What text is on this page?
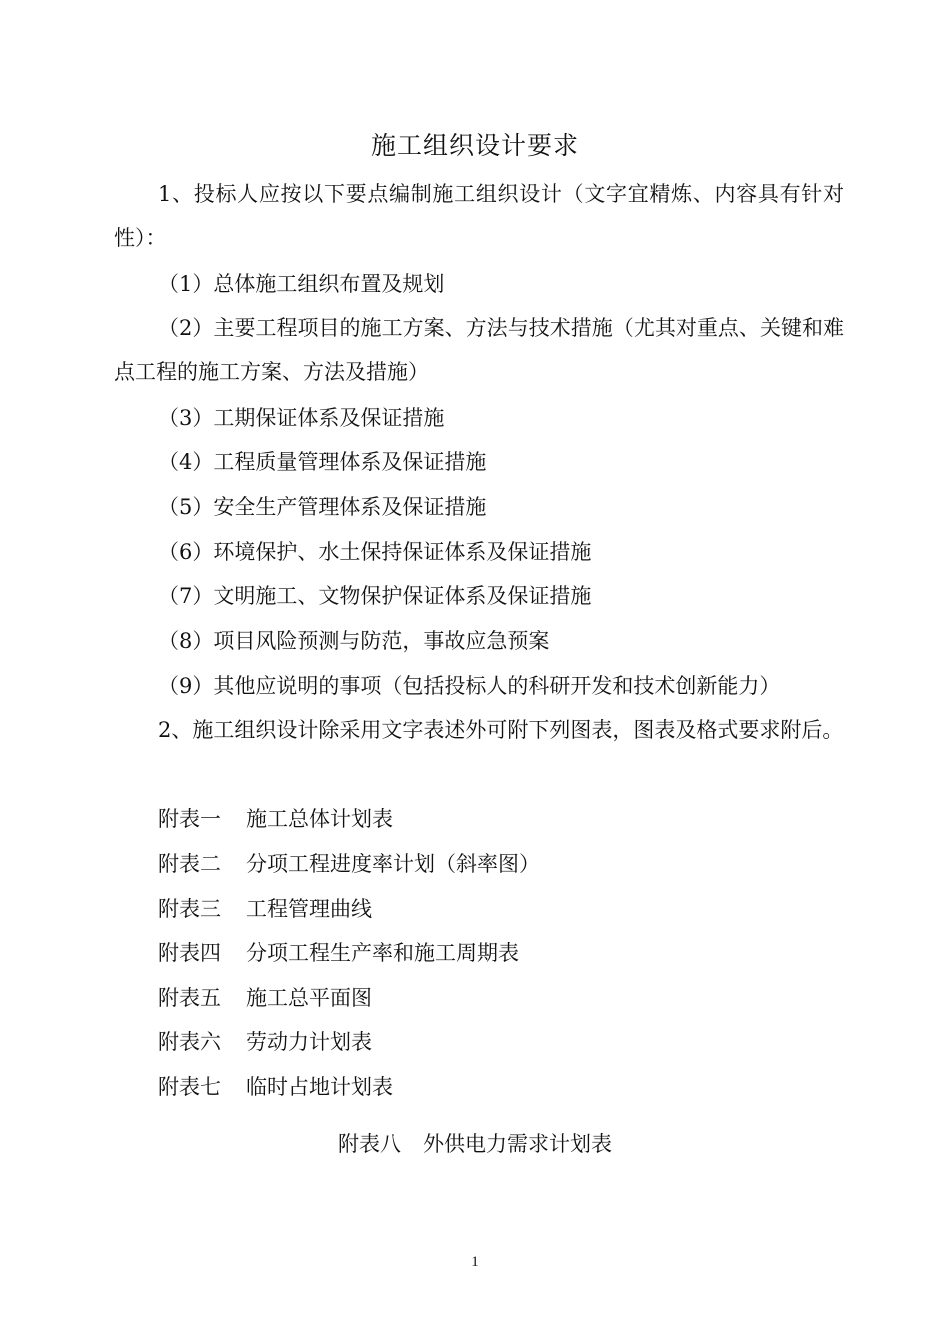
施工组织设计要求

1、投标人应按以下要点编制施工组织设计（文字宜精炼、内容具有针对性）：

（1）总体施工组织布置及规划

（2）主要工程项目的施工方案、方法与技术措施（尤其对重点、关键和难点工程的施工方案、方法及措施）

（3）工期保证体系及保证措施
（4）工程质量管理体系及保证措施
（5）安全生产管理体系及保证措施
（6）环境保护、水土保持保证体系及保证措施
（7）文明施工、文物保护保证体系及保证措施
（8）项目风险预测与防范，事故应急预案
（9）其他应说明的事项（包括投标人的科研开发和技术创新能力）

2、施工组织设计除采用文字表述外可附下列图表，图表及格式要求附后。

附表一 施工总体计划表
附表二 分项工程进度率计划（斜率图）
附表三 工程管理曲线
附表四 分项工程生产率和施工周期表
附表五 施工总平面图
附表六 劳动力计划表
附表七 临时占地计划表
附表八 外供电力需求计划表
1
